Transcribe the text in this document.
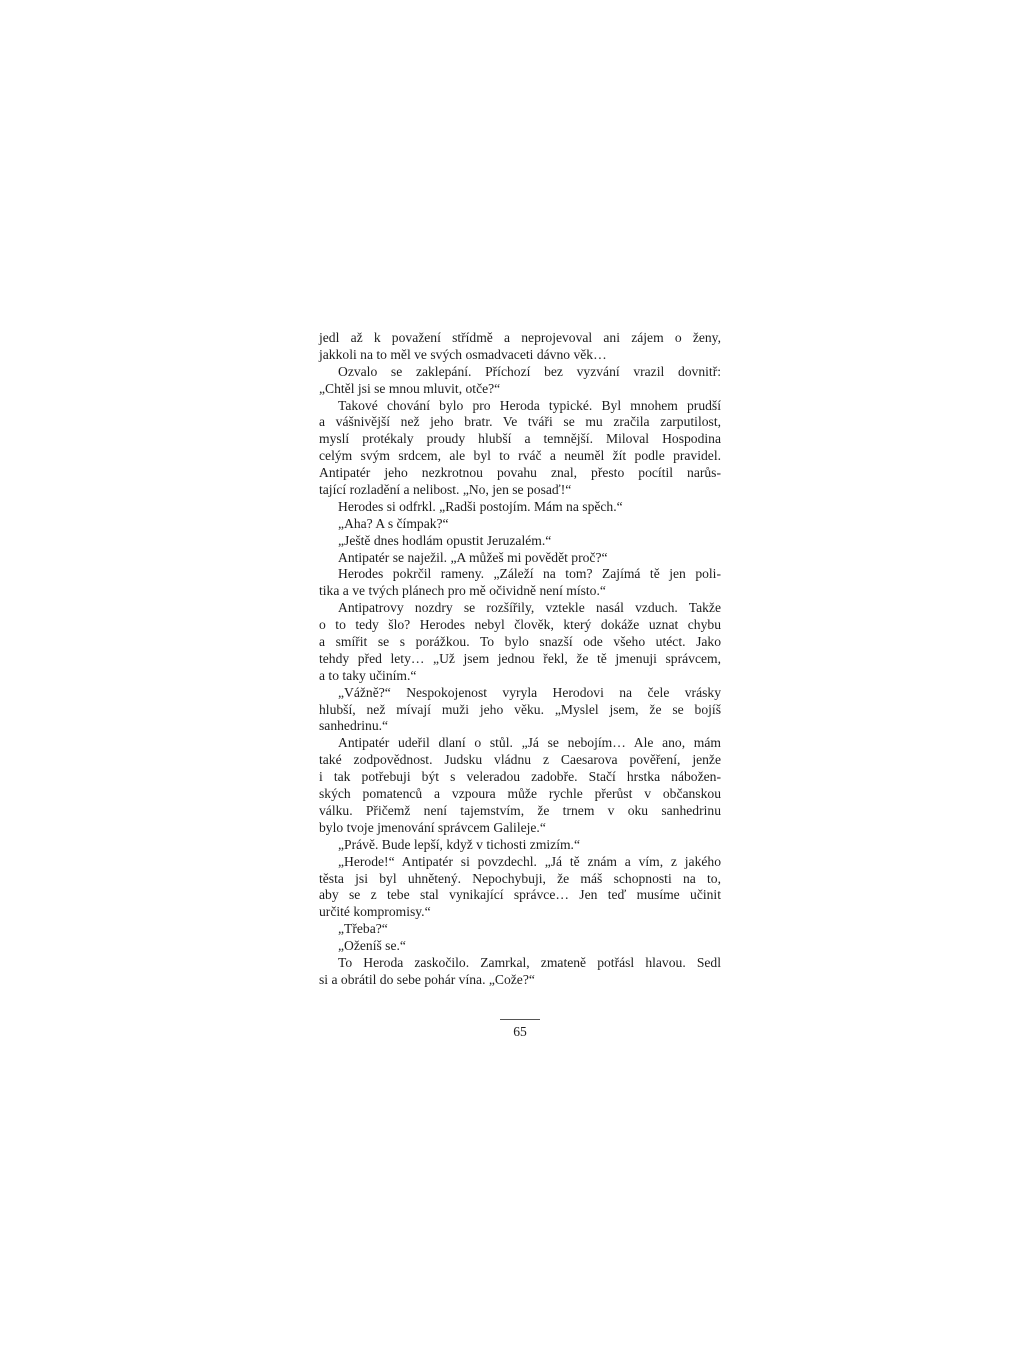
jedl až k považení střídmě a neprojevoval ani zájem o ženy,
jakkoli na to měl ve svých osmadvaceti dávno věk…
Ozvalo se zaklepání. Příchozí bez vyzvání vrazil dovnitř:
„Chtěl jsi se mnou mluvit, otče?“
Takové chování bylo pro Heroda typické. Byl mnohem prudší
a vášnivější než jeho bratr. Ve tváři se mu zračila zarputilost,
myslí protékaly proudy hlubší a temnější. Miloval Hospodina
celým svým srdcem, ale byl to rváč a neuměl žít podle pravidel.
Antipatér jeho nezkrotnou povahu znal, přesto pocítil narůs-
tající rozladění a nelibost. „No, jen se posaď!“
Herodes si odfrkl. „Radši postojím. Mám na spěch.“
„Aha? A s čímpak?“
„Ještě dnes hodlám opustit Jeruzalém.“
Antipatér se naježil. „A můžeš mi povědět proč?“
Herodes pokrčil rameny. „Záleží na tom? Zajímá tě jen poli-
tika a ve tvých plánech pro mě očividně není místo.“
Antipatrovy nozdry se rozšířily, vztekle nasál vzduch. Takže
o to tedy šlo? Herodes nebyl člověk, který dokáže uznat chybu
a smířit se s porážkou. To bylo snazší ode všeho utéct. Jako
tehdy před lety… „Už jsem jednou řekl, že tě jmenuji správcem,
a to taky učiním.“
„Vážně?“ Nespokojenost vyryla Herodovi na čele vrásky
hlubší, než mívají muži jeho věku. „Myslel jsem, že se bojíš
sanhedrinu.“
Antipatér udeřil dlaní o stůl. „Já se nebojím… Ale ano, mám
také zodpovědnost. Judsku vládnu z Caesarova pověření, jenže
i tak potřebuji být s veleradou zadobře. Stačí hrstka nábožen-
ských pomatenců a vzpoura může rychle přerůst v občanskou
válku. Přičemž není tajemstvím, že trnem v oku sanhedrinu
bylo tvoje jmenování správcem Galileje.“
„Právě. Bude lepší, když v tichosti zmizím.“
„Herode!“ Antipatér si povzdechl. „Já tě znám a vím, z jakého
těsta jsi byl uhnětený. Nepochybuji, že máš schopnosti na to,
aby se z tebe stal vynikající správce… Jen teď musíme učinit
určité kompromisy.“
„Třeba?“
„Oženíš se.“
To Heroda zaskočilo. Zamrkal, zmateně potřásl hlavou. Sedl
si a obrátil do sebe pohár vína. „Cože?“
65
